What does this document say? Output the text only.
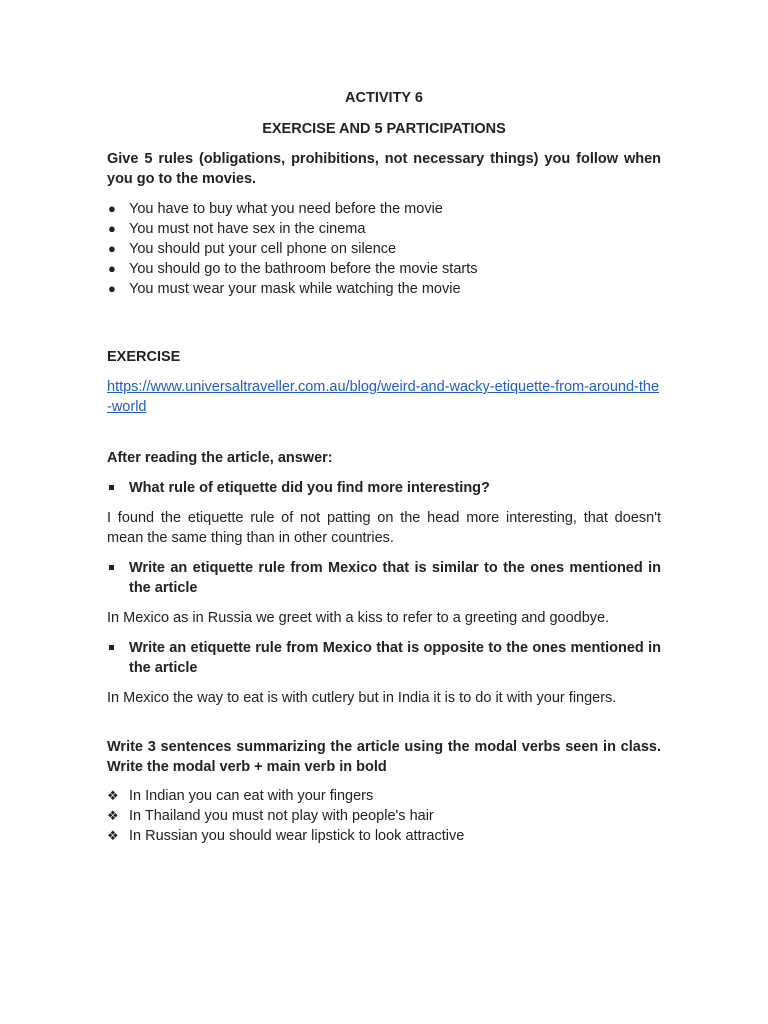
ACTIVITY 6

EXERCISE AND 5 PARTICIPATIONS

Give 5 rules (obligations, prohibitions, not necessary things) you follow when you go to the movies.

● You have to buy what you need before the movie
● You must not have sex in the cinema
● You should put your cell phone on silence
● You should go to the bathroom before the movie starts
● You must wear your mask while watching the movie

EXERCISE

https://www.universaltraveller.com.au/blog/weird-and-wacky-etiquette-from-around-the-world

After reading the article, answer:

What rule of etiquette did you find more interesting?

I found the etiquette rule of not patting on the head more interesting, that doesn't mean the same thing than in other countries.

Write an etiquette rule from Mexico that is similar to the ones mentioned in the article

In Mexico as in Russia we greet with a kiss to refer to a greeting and goodbye.

Write an etiquette rule from Mexico that is opposite to the ones mentioned in the article

In Mexico the way to eat is with cutlery but in India it is to do it with your fingers.

Write 3 sentences summarizing the article using the modal verbs seen in class. Write the modal verb + main verb in bold

❖ In Indian you can eat with your fingers
❖ In Thailand you must not play with people's hair
❖ In Russian you should wear lipstick to look attractive
